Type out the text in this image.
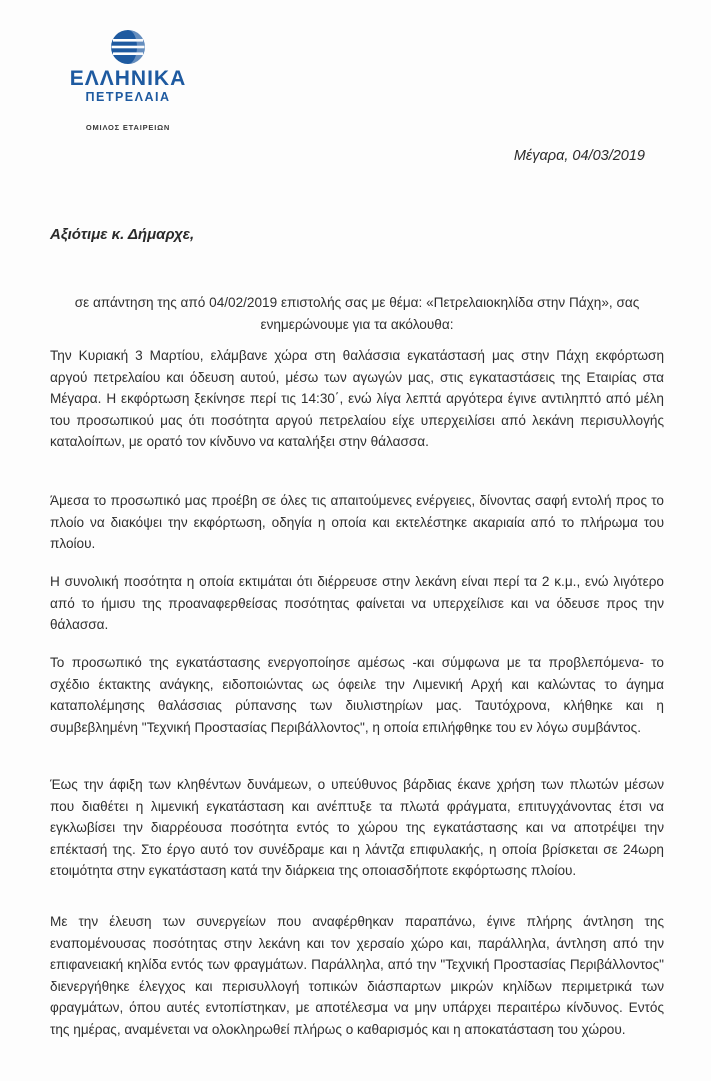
ΕΛΛΗΝΙΚΑ
ΠΕΤΡΕΛΑΙΑ
ΟΜΙΛΟΣ ΕΤΑΙΡΕΙΩΝ
Μέγαρα, 04/03/2019
Αξιότιμε κ. Δήμαρχε,
σε απάντηση της από 04/02/2019 επιστολής σας με θέμα: «Πετρελαιοκηλίδα στην Πάχη», σας ενημερώνουμε για τα ακόλουθα:
Την Κυριακή 3 Μαρτίου, ελάμβανε χώρα στη θαλάσσια εγκατάστασή μας στην Πάχη εκφόρτωση αργού πετρελαίου και όδευση αυτού, μέσω των αγωγών μας, στις εγκαταστάσεις της Εταιρίας στα Μέγαρα. Η εκφόρτωση ξεκίνησε περί τις 14:30΄, ενώ λίγα λεπτά αργότερα έγινε αντιληπτό από μέλη του προσωπικού μας ότι ποσότητα αργού πετρελαίου είχε υπερχειλίσει από λεκάνη περισυλλογής καταλοίπων, με ορατό τον κίνδυνο να καταλήξει στην θάλασσα.
Άμεσα το προσωπικό μας προέβη σε όλες τις απαιτούμενες ενέργειες, δίνοντας σαφή εντολή προς το πλοίο να διακόψει την εκφόρτωση, οδηγία η οποία και εκτελέστηκε ακαριαία από το πλήρωμα του πλοίου.
Η συνολική ποσότητα η οποία εκτιμάται ότι διέρρευσε στην λεκάνη είναι περί τα 2 κ.μ., ενώ λιγότερο από το ήμισυ της προαναφερθείσας ποσότητας φαίνεται να υπερχείλισε και να όδευσε προς την θάλασσα.
Το προσωπικό της εγκατάστασης ενεργοποίησε αμέσως -και σύμφωνα με τα προβλεπόμενα- το σχέδιο έκτακτης ανάγκης, ειδοποιώντας ως όφειλε την Λιμενική Αρχή και καλώντας το άγημα καταπολέμησης θαλάσσιας ρύπανσης των διυλιστηρίων μας. Ταυτόχρονα, κλήθηκε και η συμβεβλημένη "Τεχνική Προστασίας Περιβάλλοντος", η οποία επιλήφθηκε του εν λόγω συμβάντος.
Έως την άφιξη των κληθέντων δυνάμεων, ο υπεύθυνος βάρδιας έκανε χρήση των πλωτών μέσων που διαθέτει η λιμενική εγκατάσταση και ανέπτυξε τα πλωτά φράγματα, επιτυγχάνοντας έτσι να εγκλωβίσει την διαρρέουσα ποσότητα εντός το χώρου της εγκατάστασης και να αποτρέψει την επέκτασή της. Στο έργο αυτό τον συνέδραμε και η λάντζα επιφυλακής, η οποία βρίσκεται σε 24ωρη ετοιμότητα στην εγκατάσταση κατά την διάρκεια της οποιασδήποτε εκφόρτωσης πλοίου.
Με την έλευση των συνεργείων που αναφέρθηκαν παραπάνω, έγινε πλήρης άντληση της εναπομένουσας ποσότητας στην λεκάνη και τον χερσαίο χώρο και, παράλληλα, άντληση από την επιφανειακή κηλίδα εντός των φραγμάτων. Παράλληλα, από την "Τεχνική Προστασίας Περιβάλλοντος" διενεργήθηκε έλεγχος και περισυλλογή τοπικών διάσπαρτων μικρών κηλίδων περιμετρικά των φραγμάτων, όπου αυτές εντοπίστηκαν, με αποτέλεσμα να μην υπάρχει περαιτέρω κίνδυνος. Εντός της ημέρας, αναμένεται να ολοκληρωθεί πλήρως ο καθαρισμός και η αποκατάσταση του χώρου.
